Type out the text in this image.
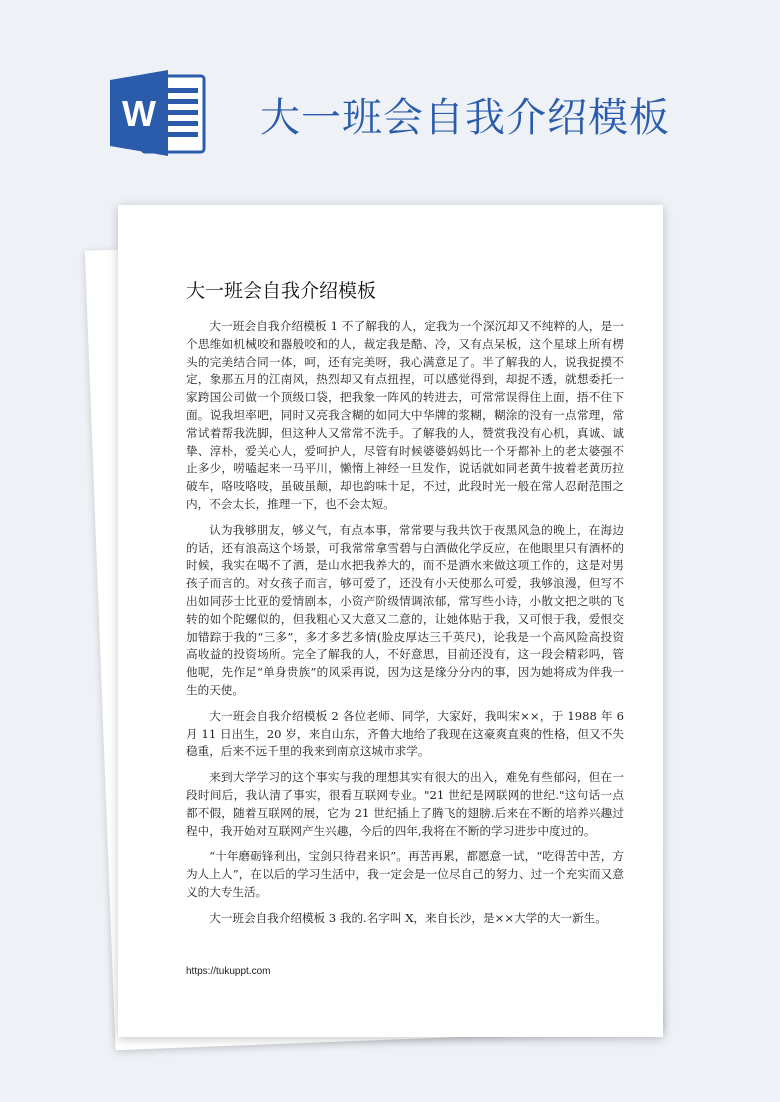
W	大一班会自我介绍模板
大一班会自我介绍模板

大一班会自我介绍模板 1 不了解我的人，定我为一个深沉却又不纯粹的人，是一个思维如机械咬和器般咬和的人，裁定我是酷、冷，又有点呆板，这个星球上所有楞头的完美结合同一体，呵，还有完美呀，我心满意足了。半了解我的人，说我捉摸不定，象那五月的江南风，热烈却又有点扭捏，可以感觉得到，却捉不透，就想委托一家跨国公司做一个顶级口袋，把我象一阵风的转进去，可常常误得住上面，捂不住下面。说我坦率吧，同时又亮我含糊的如同大中华牌的浆糊，糊涂的没有一点常理，常常试着帮我洗脚，但这种人又常常不洗手。了解我的人，赞赏我没有心机，真诚、诚挚、淳朴，爱关心人，爱呵护人，尽管有时候婆婆妈妈比一个牙都补上的老太婆强不止多少，唠嗑起来一马平川，懒惰上神经一旦发作，说话就如同老黄牛披着老黄历拉破车，咯吱咯吱，虽破虽颠，却也韵味十足，不过，此段时光一般在常人忍耐范围之内，不会太长，推理一下，也不会太短。

认为我够朋友，够义气，有点本事，常常要与我共饮于夜黑风急的晚上，在海边的话，还有浪高这个场景，可我常常拿雪碧与白酒做化学反应，在他眼里只有酒杯的时候，我实在喝不了酒，是山水把我养大的，而不是酒水来做这项工作的，这是对男孩子而言的。对女孩子而言，够可爱了，还没有小天使那么可爱，我够浪漫，但写不出如同莎士比亚的爱情剧本，小资产阶级情调浓郁，常写些小诗，小散文把之哄的飞转的如个陀螺似的，但我粗心又大意又二意的，让她体贴于我，又可恨于我，爱恨交加错踪于我的“三多”，多才多艺多情(脸皮厚达三千英尺)，论我是一个高风险高投资高收益的投资场所。完全了解我的人，不好意思，目前还没有，这一段会精彩吗，管他呢，先作足“单身贵族”的风采再说，因为这是缘分分内的事，因为她将成为伴我一生的天使。

大一班会自我介绍模板 2 各位老师、同学，大家好，我叫宋××，于 1988 年 6 月 11 日出生，20 岁，来自山东，齐鲁大地给了我现在这豪爽直爽的性格，但又不失稳重，后来不远千里的我来到南京这城市求学。

来到大学学习的这个事实与我的理想其实有很大的出入，难免有些郁闷，但在一段时间后，我认清了事实，很看互联网专业。"21 世纪是网联网的世纪."这句话一点都不假，随着互联网的展，它为 21 世纪插上了腾飞的翅膀.后来在不断的培养兴趣过程中，我开始对互联网产生兴趣，今后的四年,我将在不断的学习进步中度过的。

“十年磨砺锋利出，宝剑只待君来识”。再苦再累，都愿意一试，“吃得苦中苦，方为人上人”，在以后的学习生活中，我一定会是一位尽自己的努力、过一个充实而又意义的大专生活。

大一班会自我介绍模板 3 我的.名字叫 X，来自长沙，是××大学的大一新生。

https://tukuppt.com
